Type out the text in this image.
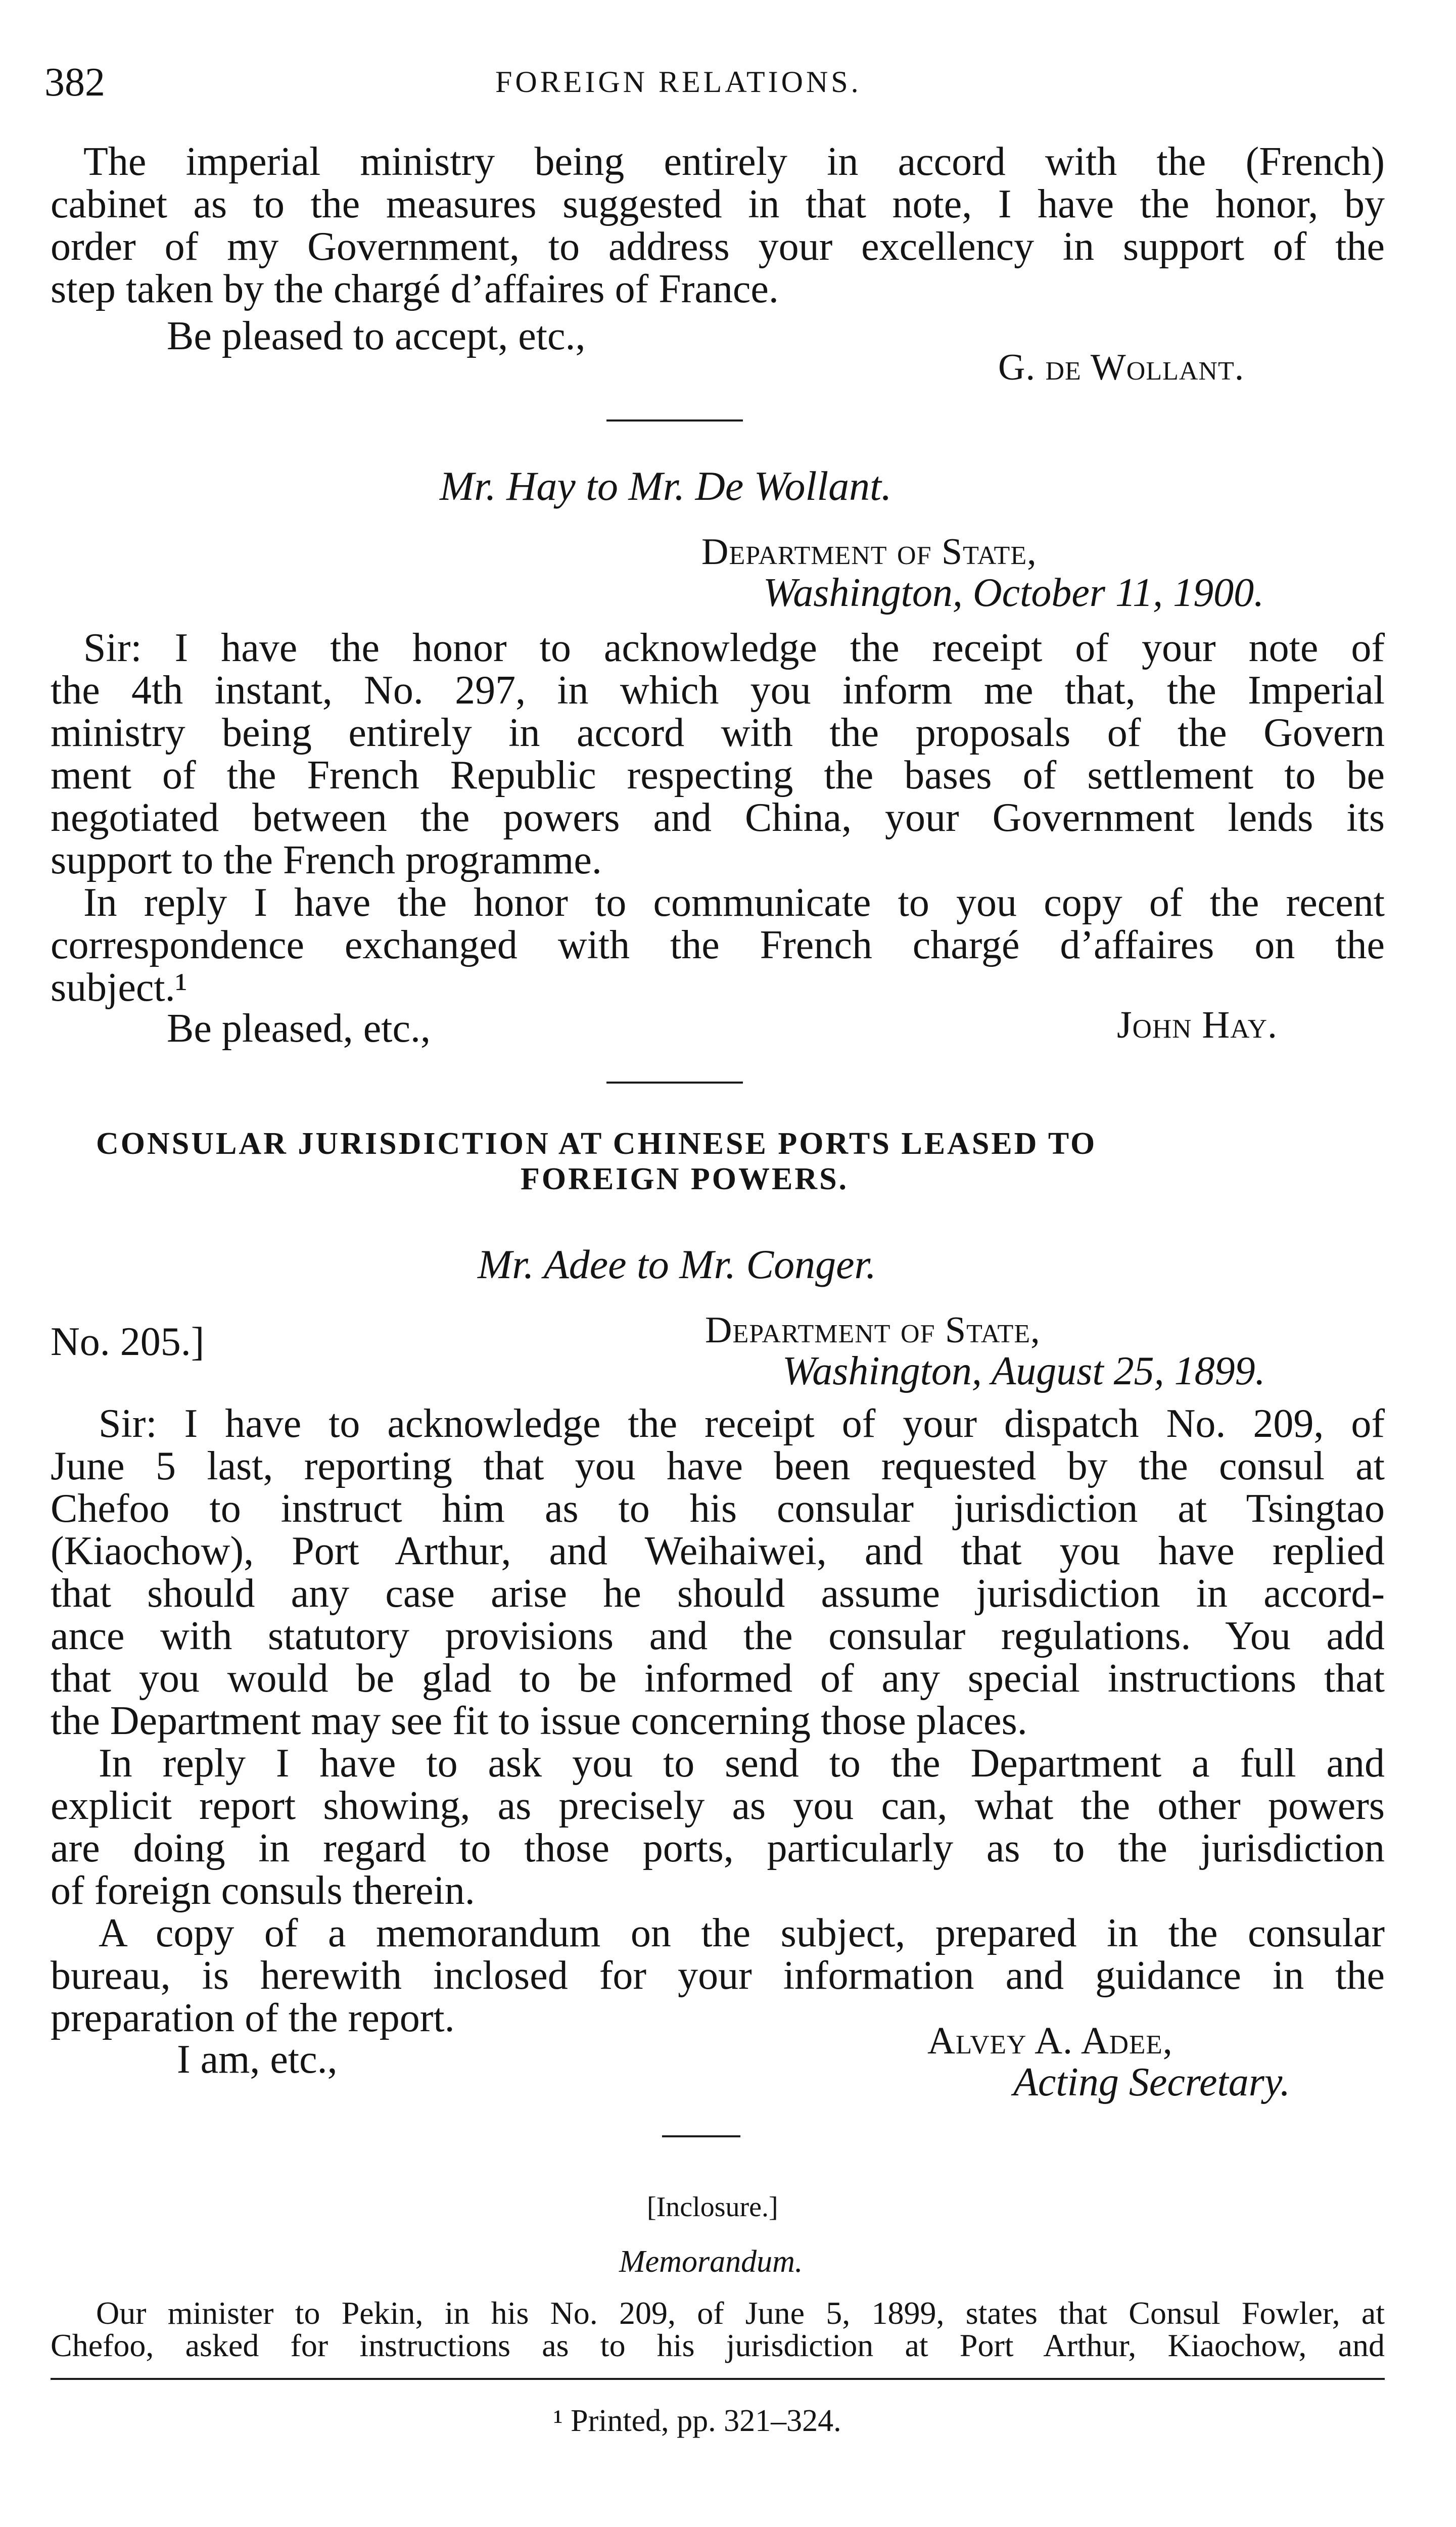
382	FOREIGN RELATIONS.
The imperial ministry being entirely in accord with the (French)
cabinet as to the measures suggested in that note, I have the honor, by
order of my Government, to address your excellency in support of the
step taken by the chargé d’affaires of France.
Be pleased to accept, etc.,
G. de Wollant.
Mr. Hay to Mr. De Wollant.
Department of State,
Washington, October 11, 1900.
Sir: I have the honor to acknowledge the receipt of your note of
the 4th instant, No. 297, in which you inform me that, the Imperial
ministry being entirely in accord with the proposals of the Govern
ment of the French Republic respecting the bases of settlement to be
negotiated between the powers and China, your Government lends its
support to the French programme.
In reply I have the honor to communicate to you copy of the recent
correspondence exchanged with the French chargé d’affaires on the
subject.¹
Be pleased, etc.,	John Hay.
CONSULAR JURISDICTION AT CHINESE PORTS LEASED TO
FOREIGN POWERS.
Mr. Adee to Mr. Conger.
No. 205.]	Department of State,
Washington, August 25, 1899.
Sir: I have to acknowledge the receipt of your dispatch No. 209, of
June 5 last, reporting that you have been requested by the consul at
Chefoo to instruct him as to his consular jurisdiction at Tsingtao
(Kiaochow), Port Arthur, and Weihaiwei, and that you have replied
that should any case arise he should assume jurisdiction in accord-
ance with statutory provisions and the consular regulations. You add
that you would be glad to be informed of any special instructions that
the Department may see fit to issue concerning those places.
In reply I have to ask you to send to the Department a full and
explicit report showing, as precisely as you can, what the other powers
are doing in regard to those ports, particularly as to the jurisdiction
of foreign consuls therein.
A copy of a memorandum on the subject, prepared in the consular
bureau, is herewith inclosed for your information and guidance in the
preparation of the report.
I am, etc.,	Alvey A. Adee,
Acting Secretary.
[Inclosure.]
Memorandum.
Our minister to Pekin, in his No. 209, of June 5, 1899, states that Consul Fowler, at
Chefoo, asked for instructions as to his jurisdiction at Port Arthur, Kiaochow, and
¹ Printed, pp. 321–324.
